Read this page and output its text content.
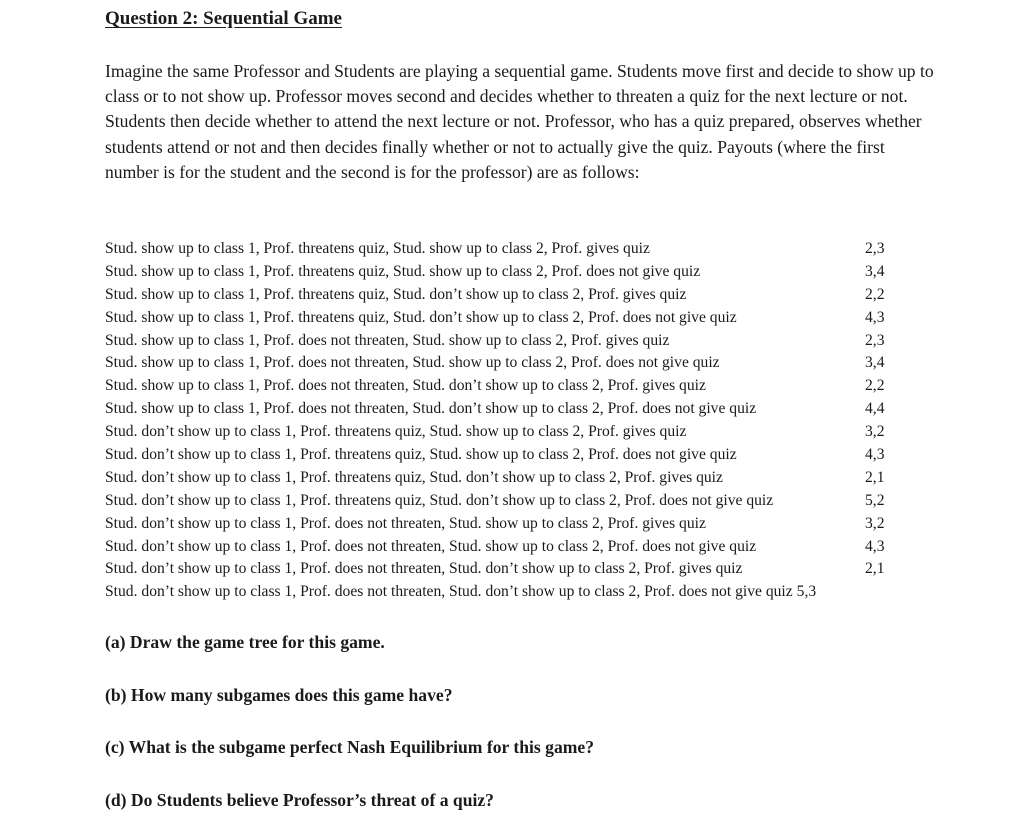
Question 2: Sequential Game

Imagine the same Professor and Students are playing a sequential game. Students move first and decide to show up to class or to not show up. Professor moves second and decides whether to threaten a quiz for the next lecture or not. Students then decide whether to attend the next lecture or not. Professor, who has a quiz prepared, observes whether students attend or not and then decides finally whether or not to actually give the quiz. Payouts (where the first number is for the student and the second is for the professor) are as follows:

Stud. show up to class 1, Prof. threatens quiz, Stud. show up to class 2, Prof. gives quiz	2,3
Stud. show up to class 1, Prof. threatens quiz, Stud. show up to class 2, Prof. does not give quiz	3,4
Stud. show up to class 1, Prof. threatens quiz, Stud. don’t show up to class 2, Prof. gives quiz	2,2
Stud. show up to class 1, Prof. threatens quiz, Stud. don’t show up to class 2, Prof. does not give quiz	4,3
Stud. show up to class 1, Prof. does not threaten, Stud. show up to class 2, Prof. gives quiz	2,3
Stud. show up to class 1, Prof. does not threaten, Stud. show up to class 2, Prof. does not give quiz	3,4
Stud. show up to class 1, Prof. does not threaten, Stud. don’t show up to class 2, Prof. gives quiz	2,2
Stud. show up to class 1, Prof. does not threaten, Stud. don’t show up to class 2, Prof. does not give quiz	4,4
Stud. don’t show up to class 1, Prof. threatens quiz, Stud. show up to class 2, Prof. gives quiz	3,2
Stud. don’t show up to class 1, Prof. threatens quiz, Stud. show up to class 2, Prof. does not give quiz	4,3
Stud. don’t show up to class 1, Prof. threatens quiz, Stud. don’t show up to class 2, Prof. gives quiz	2,1
Stud. don’t show up to class 1, Prof. threatens quiz, Stud. don’t show up to class 2, Prof. does not give quiz	5,2
Stud. don’t show up to class 1, Prof. does not threaten, Stud. show up to class 2, Prof. gives quiz	3,2
Stud. don’t show up to class 1, Prof. does not threaten, Stud. show up to class 2, Prof. does not give quiz	4,3
Stud. don’t show up to class 1, Prof. does not threaten, Stud. don’t show up to class 2, Prof. gives quiz	2,1
Stud. don’t show up to class 1, Prof. does not threaten, Stud. don’t show up to class 2, Prof. does not give quiz 5,3
(a) Draw the game tree for this game.
(b) How many subgames does this game have?
(c) What is the subgame perfect Nash Equilibrium for this game?
(d) Do Students believe Professor’s threat of a quiz?
